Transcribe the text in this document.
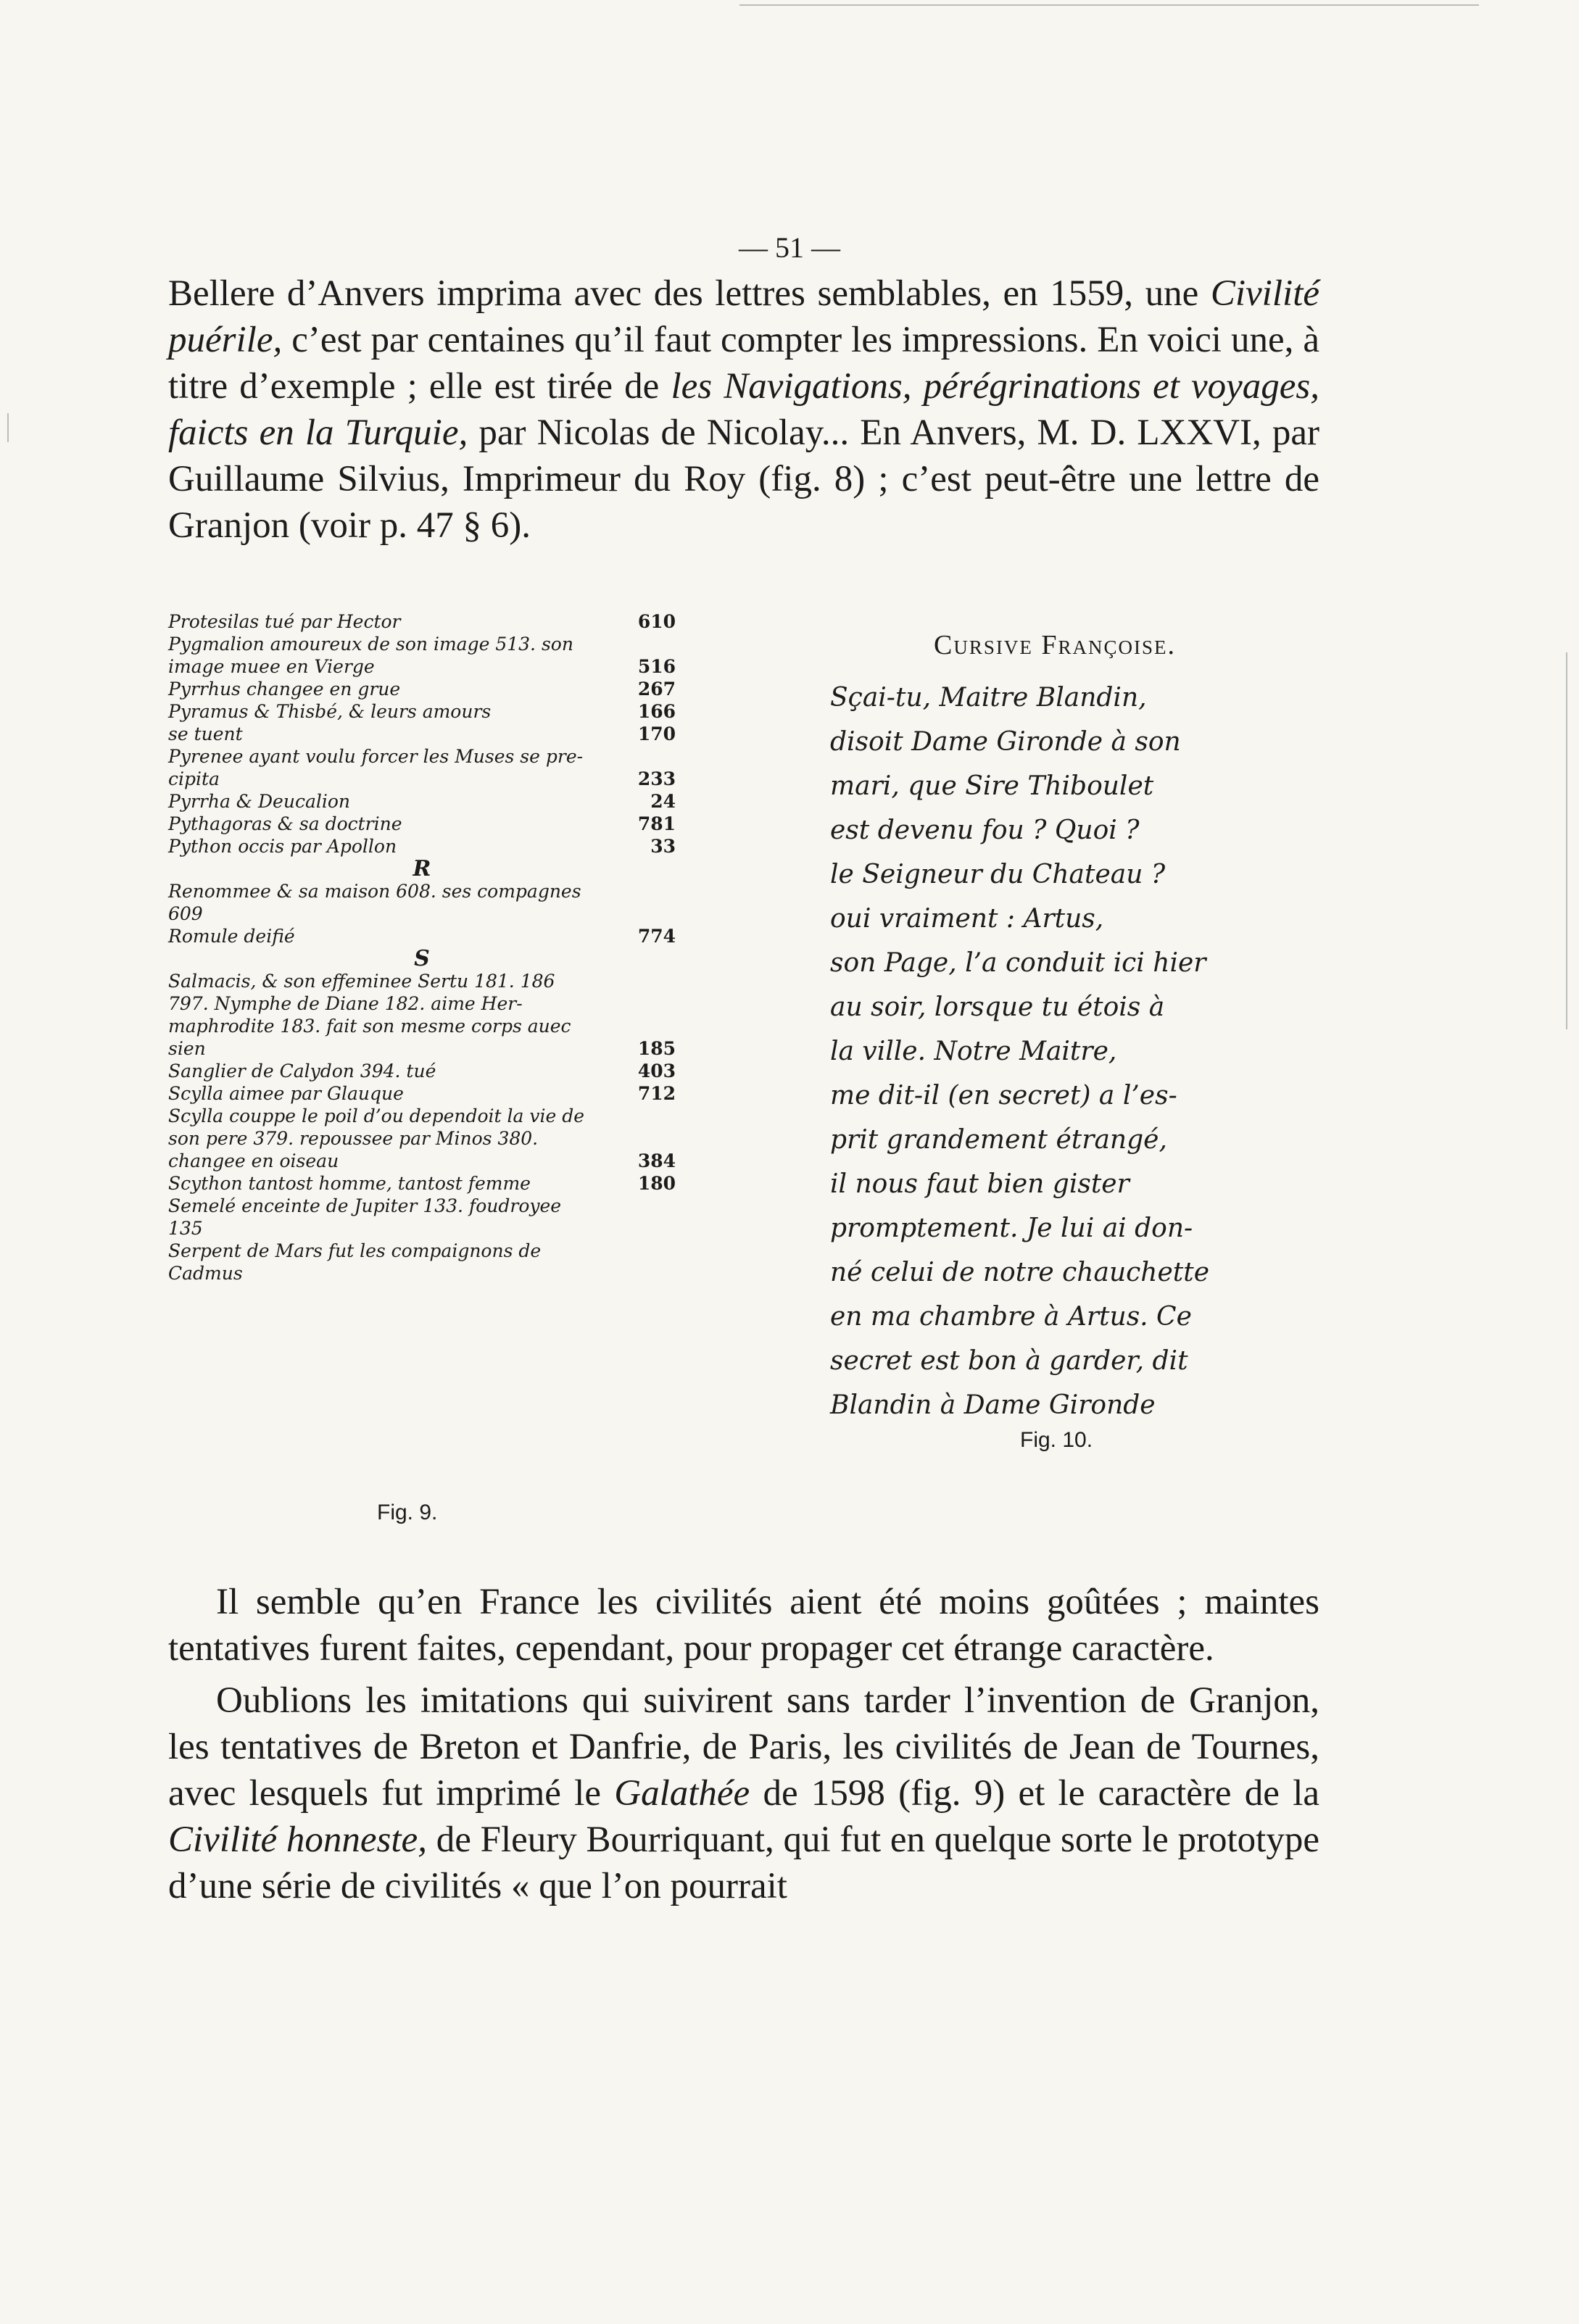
— 51 —

Bellere d’Anvers imprima avec des lettres semblables, en 1559, une Civilité puérile, c’est par centaines qu’il faut compter les impressions. En voici une, à titre d’exemple ; elle est tirée de les Navigations, pérégrinations et voyages, faicts en la Turquie, par Nicolas de Nicolay... En Anvers, M. D. LXXVI, par Guillaume Silvius, Imprimeur du Roy (fig. 8) ; c’est peut-être une lettre de Granjon (voir p. 47 § 6).

Protesilas tué par Hector	610
Pygmalion amoureux de son image 513. son
image muee en Vierge	516
Pyrrhus changee en grue	267
Pyramus & Thisbé, & leurs amours	166
se tuent	170
Pyrenee ayant voulu forcer les Muses se pre-
cipita	233
Pyrrha & Deucalion	24
Pythagoras & sa doctrine	781
Python occis par Apollon	33
R
Renommee & sa maison 608. ses compagnes
609
Romule deifié	774
S
Salmacis, & son effeminee Sertu 181. 186
797. Nymphe de Diane 182. aime Her-
maphrodite 183. fait son mesme corps auec
sien	185
Sanglier de Calydon 394. tué	403
Scylla aimee par Glauque	712
Scylla couppe le poil d’ou dependoit la vie de
son pere 379. repoussee par Minos 380.
changee en oiseau	384
Scython tantost homme, tantost femme	180
Semelé enceinte de Jupiter 133. foudroyee
135
Serpent de Mars fut les compaignons de
Cadmus
Fig. 9.
Cursive Françoise.
Sçai-tu, Maitre Blandin,
disoit Dame Gironde à son
mari, que Sire Thiboulet
est devenu fou ? Quoi ?
le Seigneur du Chateau ?
oui vraiment : Artus,
son Page, l’a conduit ici hier
au soir, lorsque tu étois à
la ville. Notre Maitre,
me dit-il (en secret) a l’es-
prit grandement étrangé,
il nous faut bien gister
promptement. Je lui ai don-
né celui de notre chauchette
en ma chambre à Artus. Ce
secret est bon à garder, dit
Blandin à Dame Gironde
Fig. 10.

Il semble qu’en France les civilités aient été moins goûtées ; maintes tentatives furent faites, cependant, pour propager cet étrange caractère.

Oublions les imitations qui suivirent sans tarder l’invention de Granjon, les tentatives de Breton et Danfrie, de Paris, les civilités de Jean de Tournes, avec lesquels fut imprimé le Galathée de 1598 (fig. 9) et le caractère de la Civilité honneste, de Fleury Bourriquant, qui fut en quelque sorte le prototype d’une série de civilités « que l’on pourrait
